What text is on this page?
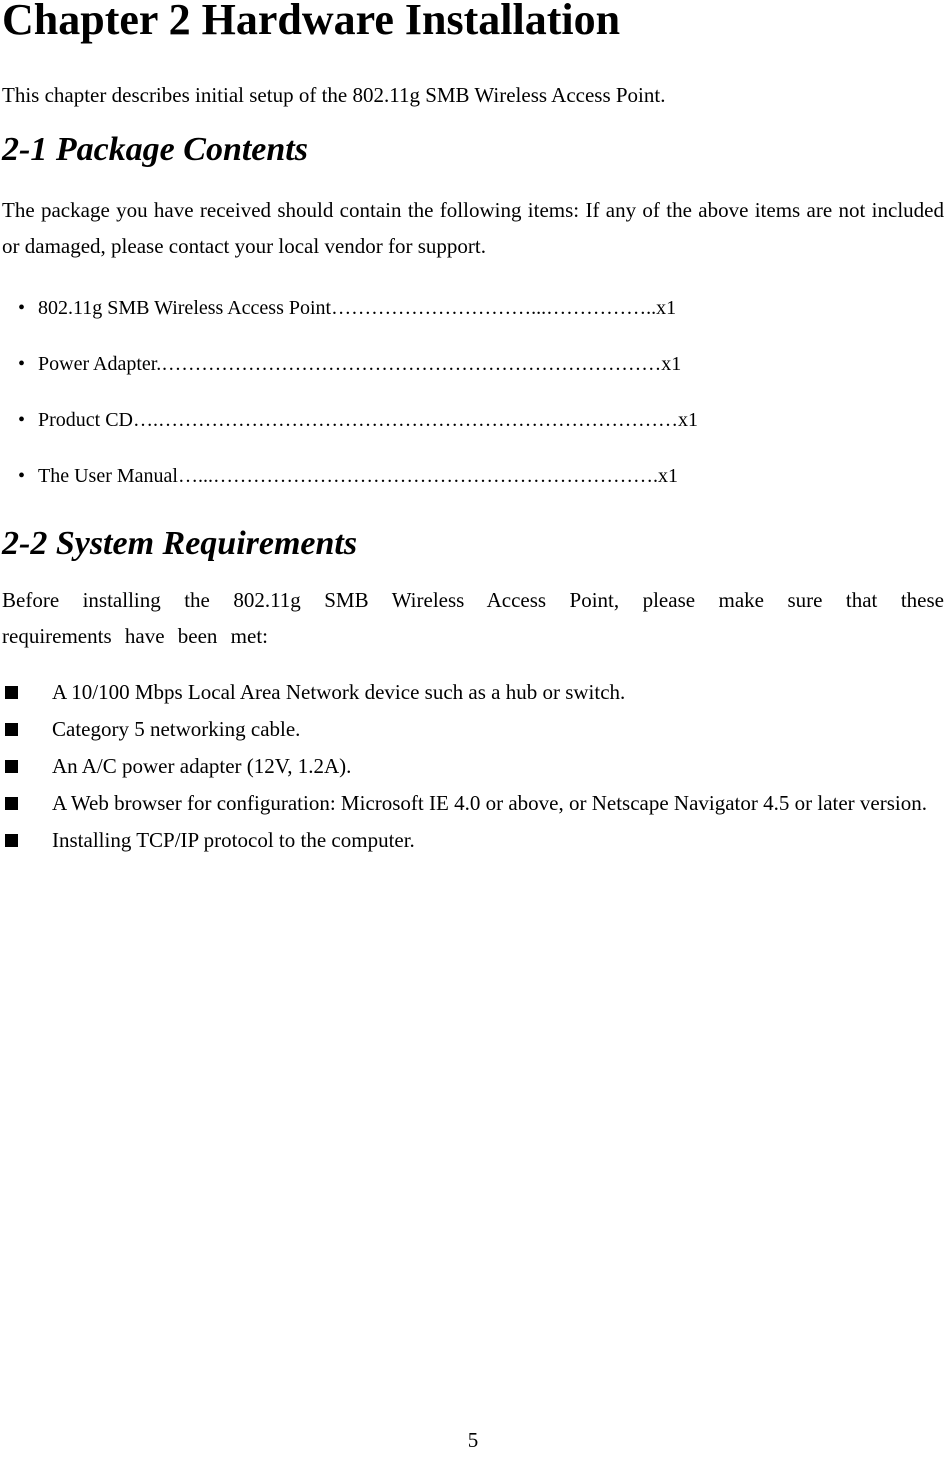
Chapter 2 Hardware Installation

This chapter describes initial setup of the 802.11g SMB Wireless Access Point.

2-1 Package Contents

The package you have received should contain the following items: If any of the above items are not included or damaged, please contact your local vendor for support.

• 802.11g SMB Wireless Access Point…………………………...……………..x1
• Power Adapter.…………………………………………………………………x1
• Product CD….……………………………………………………………………x1
• The User Manual…...………………………………………………………….x1
2-2 System Requirements

Before installing the 802.11g SMB Wireless Access Point, please make sure that these requirements have been met:

A 10/100 Mbps Local Area Network device such as a hub or switch.
Category 5 networking cable.
An A/C power adapter (12V, 1.2A).
A Web browser for configuration: Microsoft IE 4.0 or above, or Netscape Navigator 4.5 or later version.
Installing TCP/IP protocol to the computer.
5
